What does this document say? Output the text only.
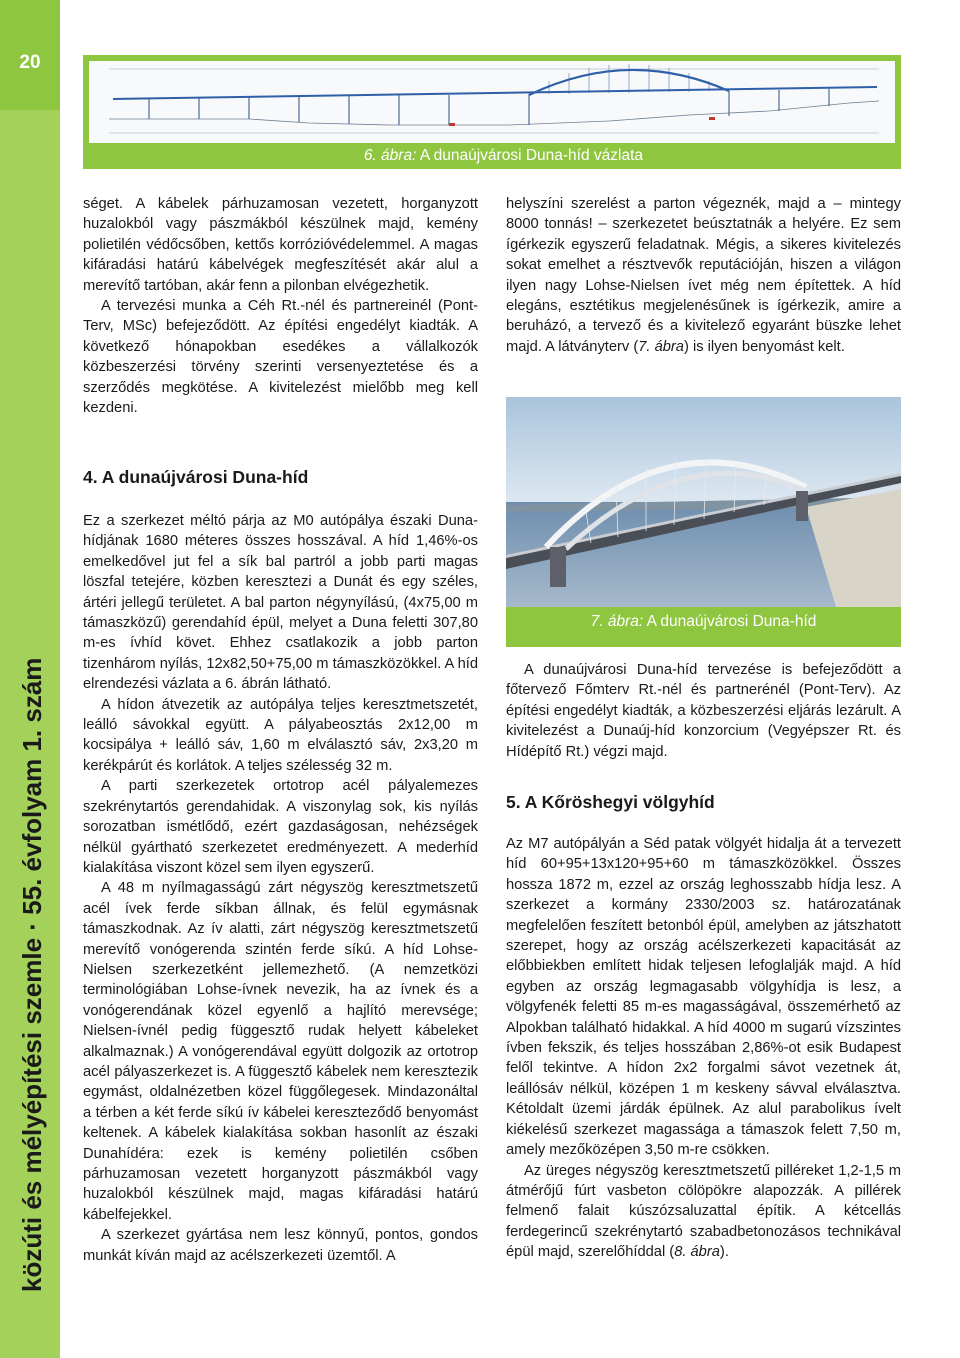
20
közúti és mélyépítési szemle · 55. évfolyam 1. szám
6. ábra: A dunaújvárosi Duna-híd vázlata

séget. A kábelek párhuzamosan vezetett, horganyzott huzalokból vagy pászmákból készülnek majd, kemény polietilén védőcsőben, kettős korrózióvédelemmel. A magas kifáradási határú kábelvégek megfeszítését akár alul a merevítő tartóban, akár fenn a pilonban elvégezhetik.

A tervezési munka a Céh Rt.-nél és partnereinél (Pont-Terv, MSc) befejeződött. Az építési engedélyt kiadták. A következő hónapokban esedékes a vállalkozók közbeszerzési törvény szerinti versenyeztetése és a szerződés megkötése. A kivitelezést mielőbb meg kell kezdeni.

helyszíni szerelést a parton végeznék, majd a – mintegy 8000 tonnás! – szerkezetet beúsztatnák a helyére. Ez sem ígérkezik egyszerű feladatnak. Mégis, a sikeres kivitelezés sokat emelhet a résztvevők reputációján, hiszen a világon ilyen nagy Lohse-Nielsen ívet még nem építettek. A híd elegáns, esztétikus megjelenésűnek is ígérkezik, amire a beruházó, a tervező és a kivitelező egyaránt büszke lehet majd. A látványterv (7. ábra) is ilyen benyomást kelt.

7. ábra: A dunaújvárosi Duna-híd
4. A dunaújvárosi Duna-híd

Ez a szerkezet méltó párja az M0 autópálya északi Duna-hídjának 1680 méteres összes hosszával. A híd 1,46%-os emelkedővel jut fel a sík bal partról a jobb parti magas löszfal tetejére, közben keresztezi a Dunát és egy széles, ártéri jellegű területet. A bal parton négynyílású, (4x75,00 m támaszközű) gerendahíd épül, melyet a Duna feletti 307,80 m-es ívhíd követ. Ehhez csatlakozik a jobb parton tizenhárom nyílás, 12x82,50+75,00 m támaszközökkel. A híd elrendezési vázlata a 6. ábrán látható.

A hídon átvezetik az autópálya teljes keresztmetszetét, leálló sávokkal együtt. A pályabeosztás 2x12,00 m kocsipálya + leálló sáv, 1,60 m elválasztó sáv, 2x3,20 m kerékpárút és korlátok. A teljes szélesség 32 m.

A parti szerkezetek ortotrop acél pályalemezes szekrénytartós gerendahidak. A viszonylag sok, kis nyílás sorozatban ismétlődő, ezért gazdaságosan, nehézségek nélkül gyártható szerkezetet eredményezett. A mederhíd kialakítása viszont közel sem ilyen egyszerű.

A 48 m nyílmagasságú zárt négyszög keresztmetszetű acél ívek ferde síkban állnak, és felül egymásnak támaszkodnak. Az ív alatti, zárt négyszög keresztmetszetű merevítő vonógerenda szintén ferde síkú. A híd Lohse-Nielsen szerkezetként jellemezhető. (A nemzetközi terminológiában Lohse-ívnek nevezik, ha az ívnek és a vonógerendának közel egyenlő a hajlító merevsége; Nielsen-ívnél pedig függesztő rudak helyett kábeleket alkalmaznak.) A vonógerendával együtt dolgozik az ortotrop acél pályaszerkezet is. A függesztő kábelek nem keresztezik egymást, oldalnézetben közel függőlegesek. Mindazonáltal a térben a két ferde síkú ív kábelei kereszteződő benyomást keltenek. A kábelek kialakítása sokban hasonlít az északi Dunahídéra: ezek is kemény polietilén csőben párhuzamosan vezetett horganyzott pászmákból vagy huzalokból készülnek majd, magas kifáradási határú kábelfejekkel.

A szerkezet gyártása nem lesz könnyű, pontos, gondos munkát kíván majd az acélszerkezeti üzemtől. A

A dunaújvárosi Duna-híd tervezése is befejeződött a főtervező Főmterv Rt.-nél és partnerénél (Pont-Terv). Az építési engedélyt kiadták, a közbeszerzési eljárás lezárult. A kivitelezést a Dunaúj-híd konzorcium (Vegyépszer Rt. és Hídépítő Rt.) végzi majd.

5. A Kőröshegyi völgyhíd

Az M7 autópályán a Séd patak völgyét hidalja át a tervezett híd 60+95+13x120+95+60 m támaszközökkel. Összes hossza 1872 m, ezzel az ország leghosszabb hídja lesz. A szerkezet a kormány 2330/2003 sz. határozatának megfelelően feszített betonból épül, amelyben az játszhatott szerepet, hogy az ország acélszerkezeti kapacitását az előbbiekben említett hidak teljesen lefoglalják majd. A híd egyben az ország legmagasabb völgyhídja is lesz, a völgyfenék feletti 85 m-es magasságával, összemérhető az Alpokban található hidakkal. A híd 4000 m sugarú vízszintes ívben fekszik, és teljes hosszában 2,86%-ot esik Budapest felől tekintve. A hídon 2x2 forgalmi sávot vezetnek át, leállósáv nélkül, középen 1 m keskeny sávval elválasztva. Kétoldalt üzemi járdák épülnek. Az alul parabolikus ívelt kiékelésű szerkezet magassága a támaszok felett 7,50 m, amely mezőközépen 3,50 m-re csökken.

Az üreges négyszög keresztmetszetű pilléreket 1,2-1,5 m átmérőjű fúrt vasbeton cölöpökre alapozzák. A pillérek felmenő falait kúszózsaluzattal építik. A kétcellás ferdegerincű szekrénytartó szabadbetonozásos technikával épül majd, szerelőhíddal (8. ábra).
